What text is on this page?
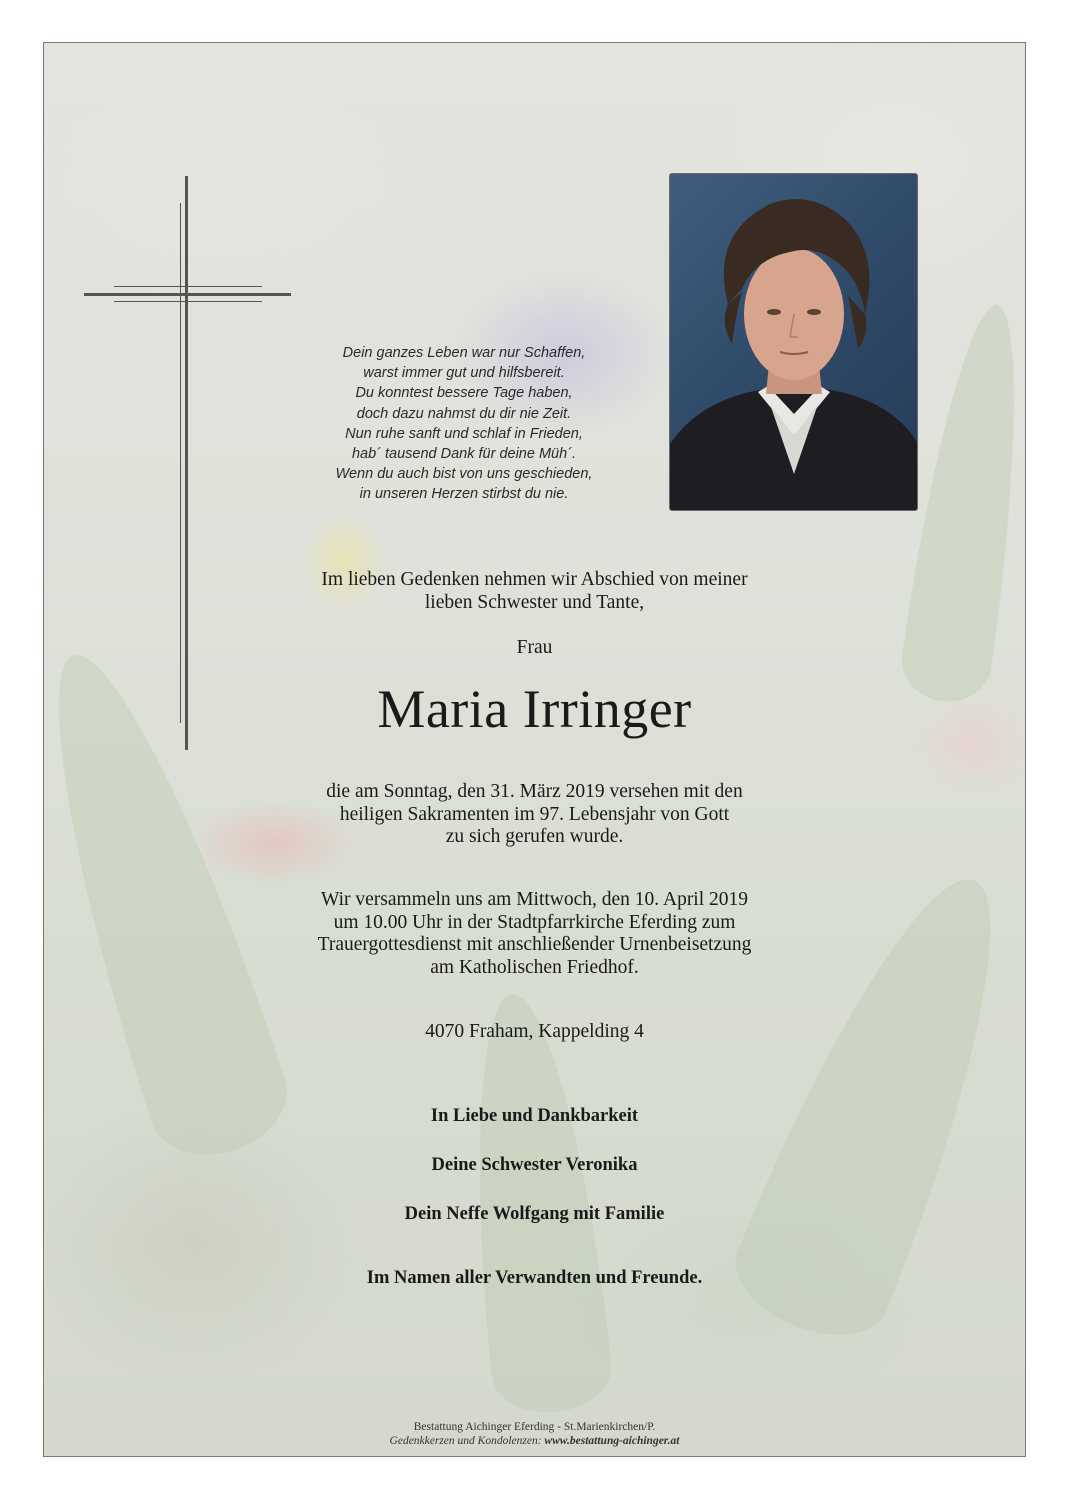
Dein ganzes Leben war nur Schaffen,
warst immer gut und hilfsbereit.
Du konntest bessere Tage haben,
doch dazu nahmst du dir nie Zeit.
Nun ruhe sanft und schlaf in Frieden,
hab´ tausend Dank für deine Müh´.
Wenn du auch bist von uns geschieden,
in unseren Herzen stirbst du nie.
Im lieben Gedenken nehmen wir Abschied von meiner
lieben Schwester und Tante,
Frau
Maria Irringer
die am Sonntag, den 31. März 2019 versehen mit den
heiligen Sakramenten im 97. Lebensjahr von Gott
zu sich gerufen wurde.
Wir versammeln uns am Mittwoch, den 10. April 2019
um 10.00 Uhr in der Stadtpfarrkirche Eferding zum
Trauergottesdienst mit anschließender Urnenbeisetzung
am Katholischen Friedhof.
4070 Fraham, Kappelding 4
In Liebe und Dankbarkeit
Deine Schwester Veronika
Dein Neffe Wolfgang mit Familie
Im Namen aller Verwandten und Freunde.
Bestattung Aichinger Eferding - St.Marienkirchen/P.
Gedenkkerzen und Kondolenzen: www.bestattung-aichinger.at
